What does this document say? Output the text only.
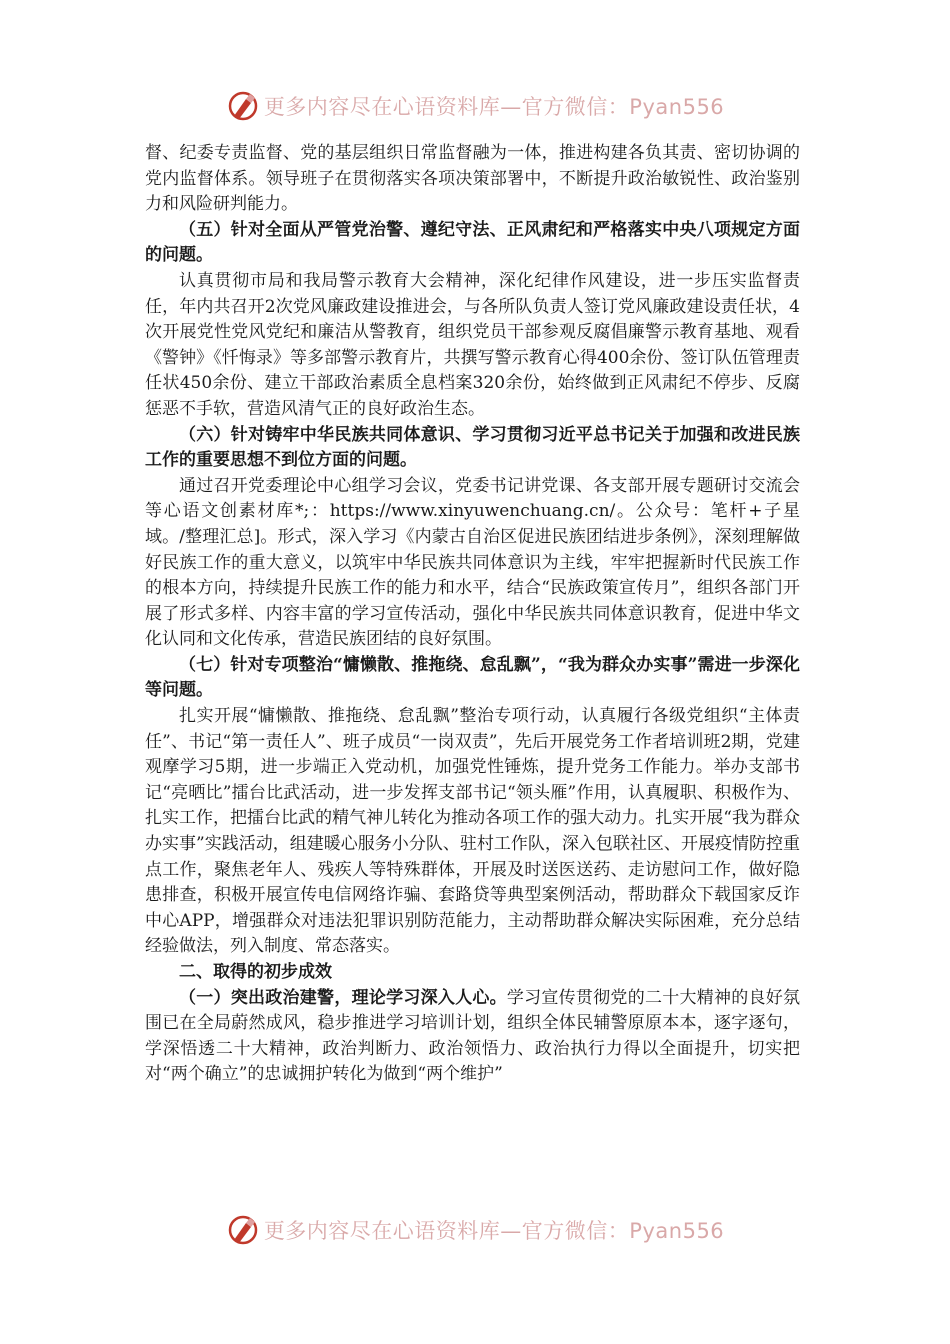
更多内容尽在心语资料库—官方微信：Pyan556

督、纪委专责监督、党的基层组织日常监督融为一体，推进构建各负其责、密切协调的党内监督体系。领导班子在贯彻落实各项决策部署中，不断提升政治敏锐性、政治鉴别力和风险研判能力。

（五）针对全面从严管党治警、遵纪守法、正风肃纪和严格落实中央八项规定方面的问题。

认真贯彻市局和我局警示教育大会精神，深化纪律作风建设，进一步压实监督责任，年内共召开2次党风廉政建设推进会，与各所队负责人签订党风廉政建设责任状，4次开展党性党风党纪和廉洁从警教育，组织党员干部参观反腐倡廉警示教育基地、观看《警钟》《忏悔录》等多部警示教育片，共撰写警示教育心得400余份、签订队伍管理责任状450余份、建立干部政治素质全息档案320余份，始终做到正风肃纪不停步、反腐惩恶不手软，营造风清气正的良好政治生态。

（六）针对铸牢中华民族共同体意识、学习贯彻习近平总书记关于加强和改进民族工作的重要思想不到位方面的问题。

通过召开党委理论中心组学习会议，党委书记讲党课、各支部开展专题研讨交流会等心语文创素材库*;：https://www.xinyuwenchuang.cn/。公众号：笔杆+子星域。/整理汇总]。形式，深入学习《内蒙古自治区促进民族团结进步条例》，深刻理解做好民族工作的重大意义，以筑牢中华民族共同体意识为主线，牢牢把握新时代民族工作的根本方向，持续提升民族工作的能力和水平，结合“民族政策宣传月”，组织各部门开展了形式多样、内容丰富的学习宣传活动，强化中华民族共同体意识教育，促进中华文化认同和文化传承，营造民族团结的良好氛围。

（七）针对专项整治“慵懒散、推拖绕、怠乱飘”，“我为群众办实事”需进一步深化等问题。

扎实开展“慵懒散、推拖绕、怠乱飘”整治专项行动，认真履行各级党组织“主体责任”、书记“第一责任人”、班子成员“一岗双责”，先后开展党务工作者培训班2期，党建观摩学习5期，进一步端正入党动机，加强党性锤炼，提升党务工作能力。举办支部书记“亮晒比”擂台比武活动，进一步发挥支部书记“领头雁”作用，认真履职、积极作为、扎实工作，把擂台比武的精气神儿转化为推动各项工作的强大动力。扎实开展“我为群众办实事”实践活动，组建暖心服务小分队、驻村工作队，深入包联社区、开展疫情防控重点工作，聚焦老年人、残疾人等特殊群体，开展及时送医送药、走访慰问工作，做好隐患排查，积极开展宣传电信网络诈骗、套路贷等典型案例活动，帮助群众下载国家反诈中心APP，增强群众对违法犯罪识别防范能力，主动帮助群众解决实际困难，充分总结经验做法，列入制度、常态落实。

二、取得的初步成效

（一）突出政治建警，理论学习深入人心。学习宣传贯彻党的二十大精神的良好氛围已在全局蔚然成风，稳步推进学习培训计划，组织全体民辅警原原本本，逐字逐句，学深悟透二十大精神，政治判断力、政治领悟力、政治执行力得以全面提升，切实把对“两个确立”的忠诚拥护转化为做到“两个维护”

更多内容尽在心语资料库—官方微信：Pyan556
